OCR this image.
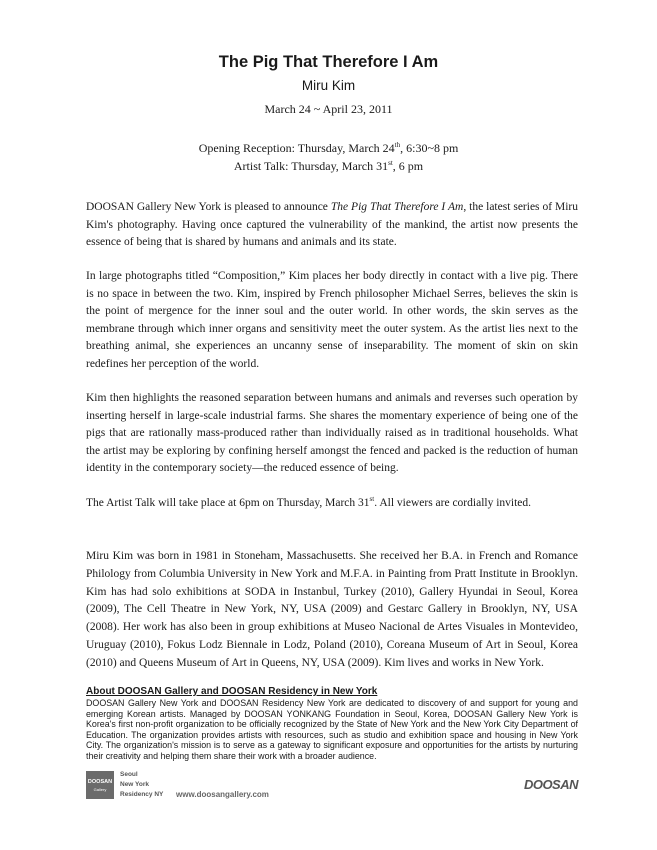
The Pig That Therefore I Am
Miru Kim
March 24 ~ April 23, 2011
Opening Reception: Thursday, March 24th, 6:30~8 pm
Artist Talk: Thursday, March 31st, 6 pm

DOOSAN Gallery New York is pleased to announce The Pig That Therefore I Am, the latest series of Miru Kim's photography. Having once captured the vulnerability of the mankind, the artist now presents the essence of being that is shared by humans and animals and its state.

In large photographs titled “Composition,” Kim places her body directly in contact with a live pig. There is no space in between the two. Kim, inspired by French philosopher Michael Serres, believes the skin is the point of mergence for the inner soul and the outer world. In other words, the skin serves as the membrane through which inner organs and sensitivity meet the outer system. As the artist lies next to the breathing animal, she experiences an uncanny sense of inseparability. The moment of skin on skin redefines her perception of the world.

Kim then highlights the reasoned separation between humans and animals and reverses such operation by inserting herself in large-scale industrial farms. She shares the momentary experience of being one of the pigs that are rationally mass-produced rather than individually raised as in traditional households. What the artist may be exploring by confining herself amongst the fenced and packed is the reduction of human identity in the contemporary society—the reduced essence of being.

The Artist Talk will take place at 6pm on Thursday, March 31st. All viewers are cordially invited.

Miru Kim was born in 1981 in Stoneham, Massachusetts. She received her B.A. in French and Romance Philology from Columbia University in New York and M.F.A. in Painting from Pratt Institute in Brooklyn. Kim has had solo exhibitions at SODA in Instanbul, Turkey (2010), Gallery Hyundai in Seoul, Korea (2009), The Cell Theatre in New York, NY, USA (2009) and Gestarc Gallery in Brooklyn, NY, USA (2008). Her work has also been in group exhibitions at Museo Nacional de Artes Visuales in Montevideo, Uruguay (2010), Fokus Lodz Biennale in Lodz, Poland (2010), Coreana Museum of Art in Seoul, Korea (2010) and Queens Museum of Art in Queens, NY, USA (2009). Kim lives and works in New York.

About DOOSAN Gallery and DOOSAN Residency in New York

DOOSAN Gallery New York and DOOSAN Residency New York are dedicated to discovery of and support for young and emerging Korean artists. Managed by DOOSAN YONKANG Foundation in Seoul, Korea, DOOSAN Gallery New York is Korea's first non-profit organization to be officially recognized by the State of New York and the New York City Department of Education. The organization provides artists with resources, such as studio and exhibition space and housing in New York City. The organization's mission is to serve as a gateway to significant exposure and opportunities for the artists by nurturing their creativity and helping them share their work with a broader audience.

DOOSAN
Gallery
Seoul
New York
Residency NY

www.doosangallery.com
DOOSAN
